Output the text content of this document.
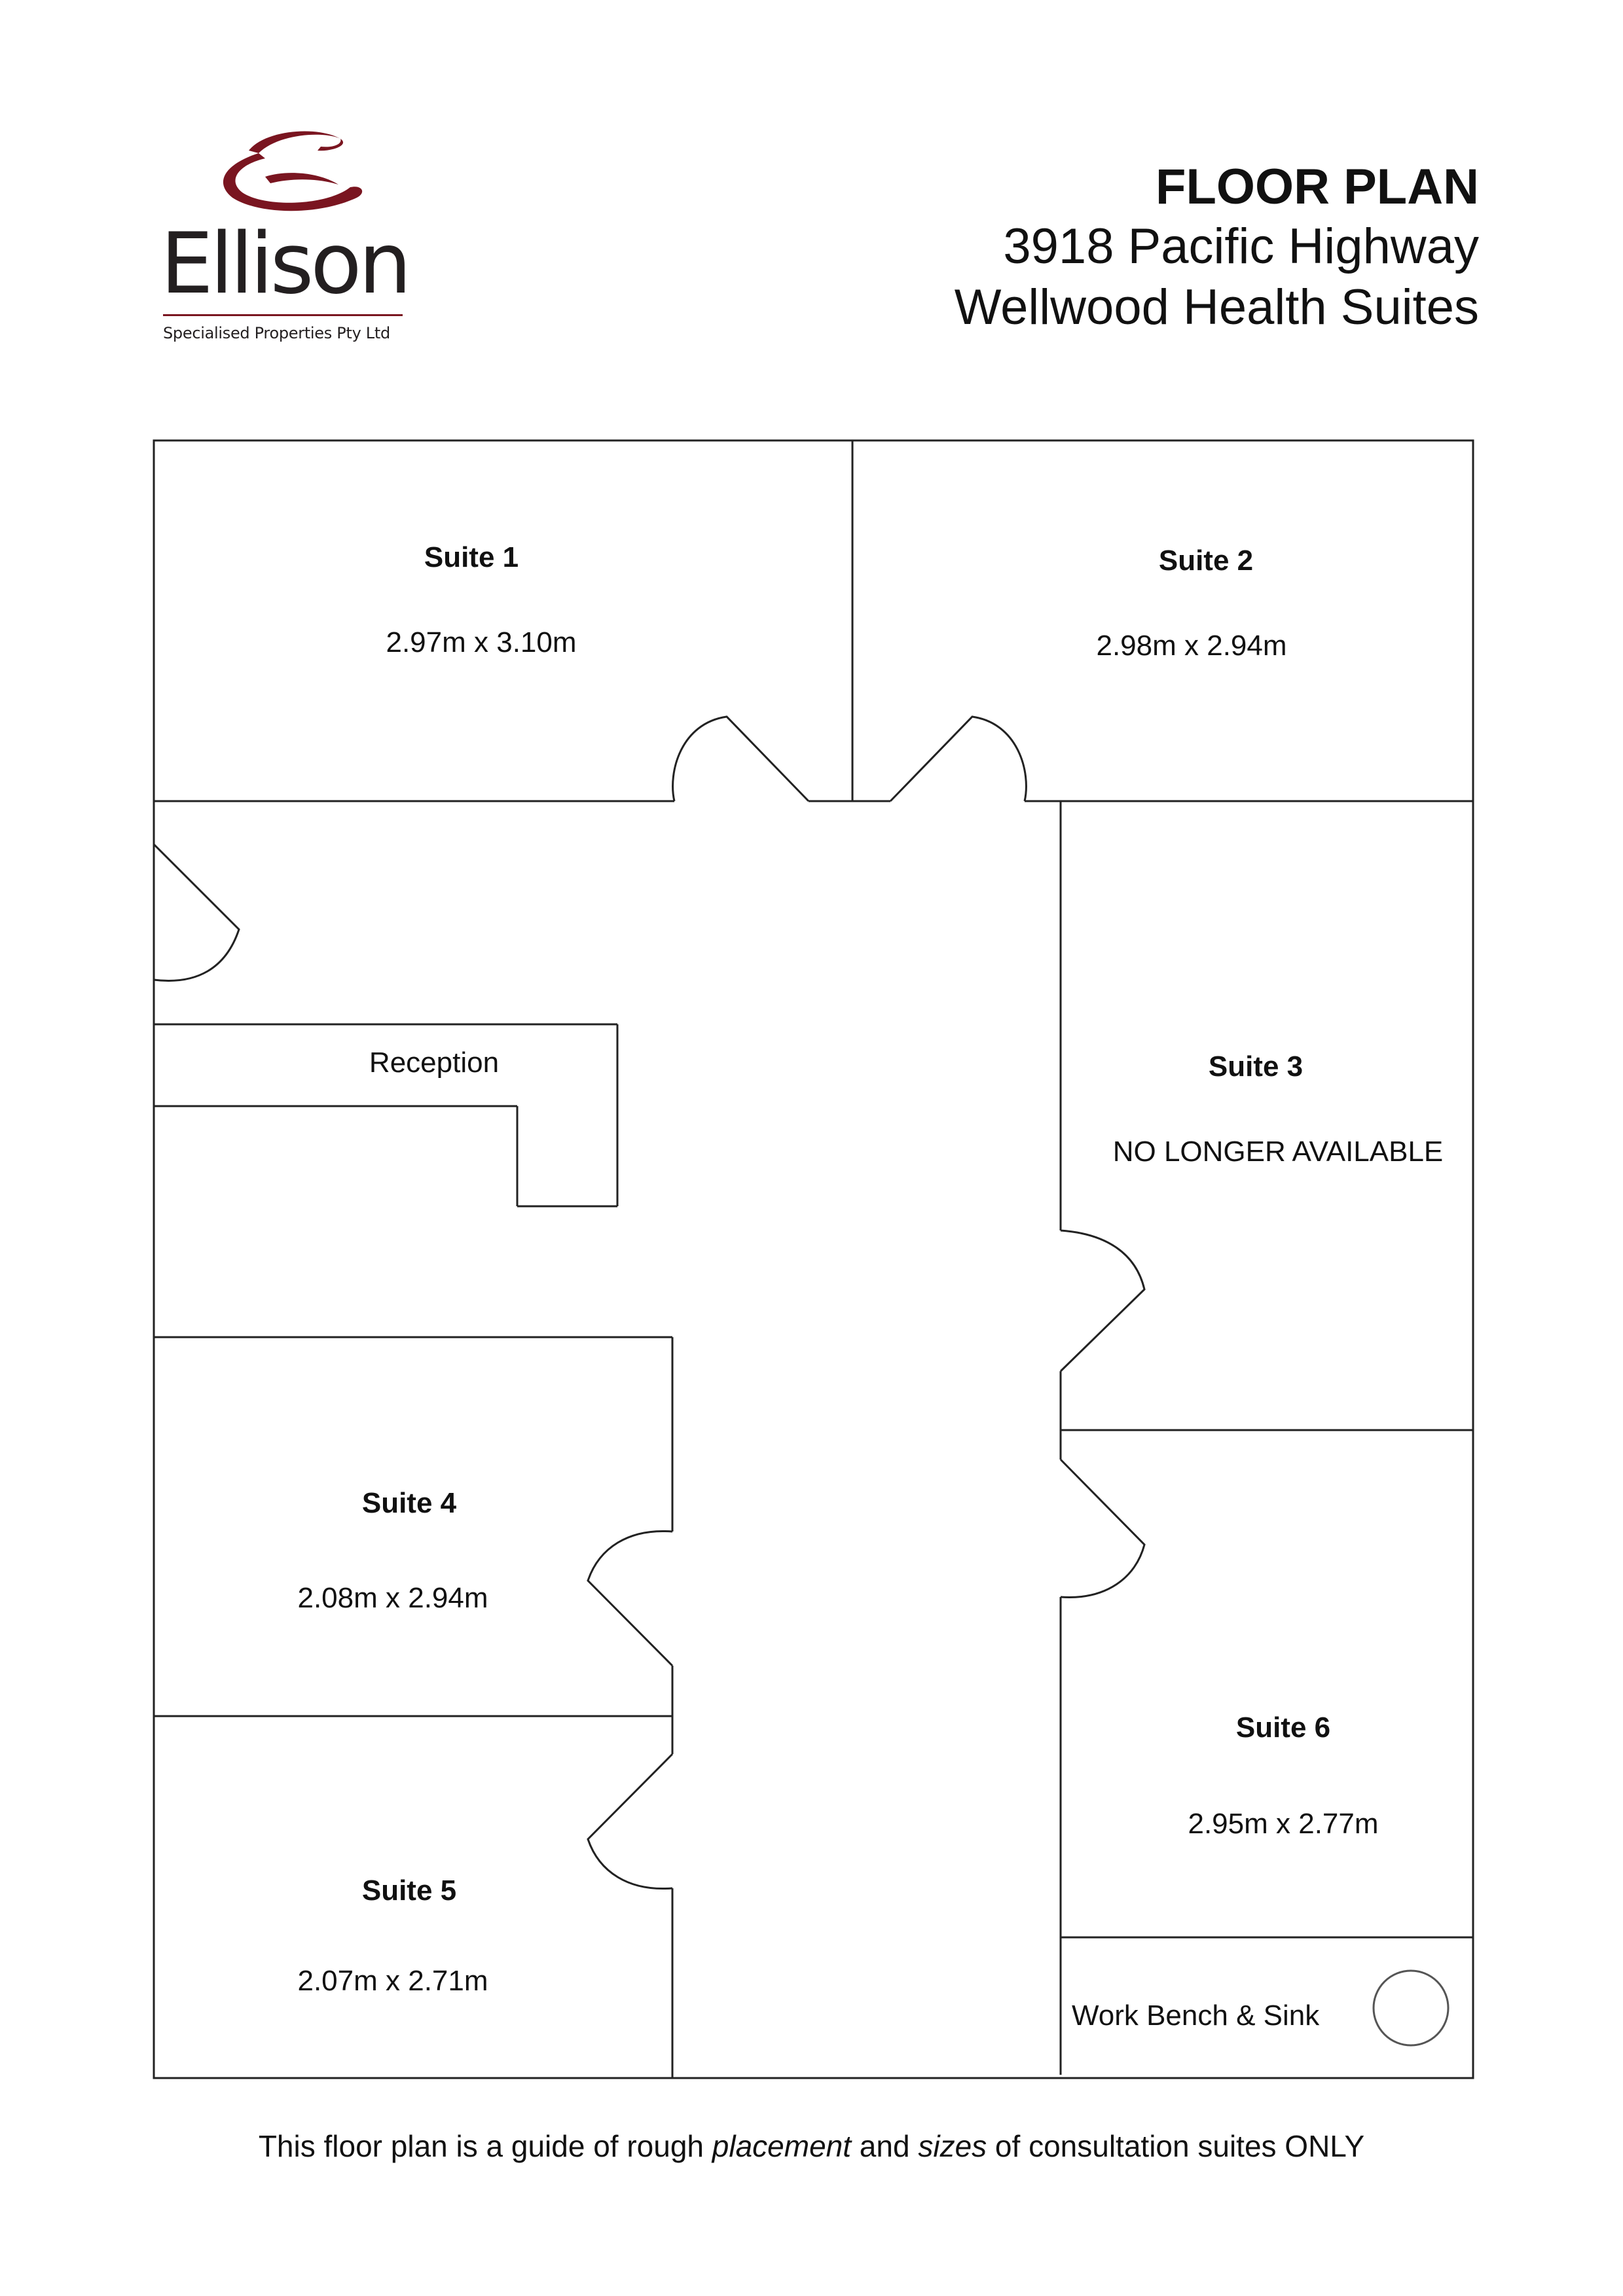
Ellison
Specialised Properties Pty Ltd
FLOOR PLAN
3918 Pacific Highway
Wellwood Health Suites
Suite 1
2.97m x 3.10m
Suite 2
2.98m x 2.94m
Reception	Suite 3
NO LONGER AVAILABLE
Suite 4
2.08m x 2.94m
Suite 5
2.07m x 2.71m
Suite 6
2.95m x 2.77m
Work Bench & Sink
This floor plan is a guide of rough placement and sizes of consultation suites ONLY
